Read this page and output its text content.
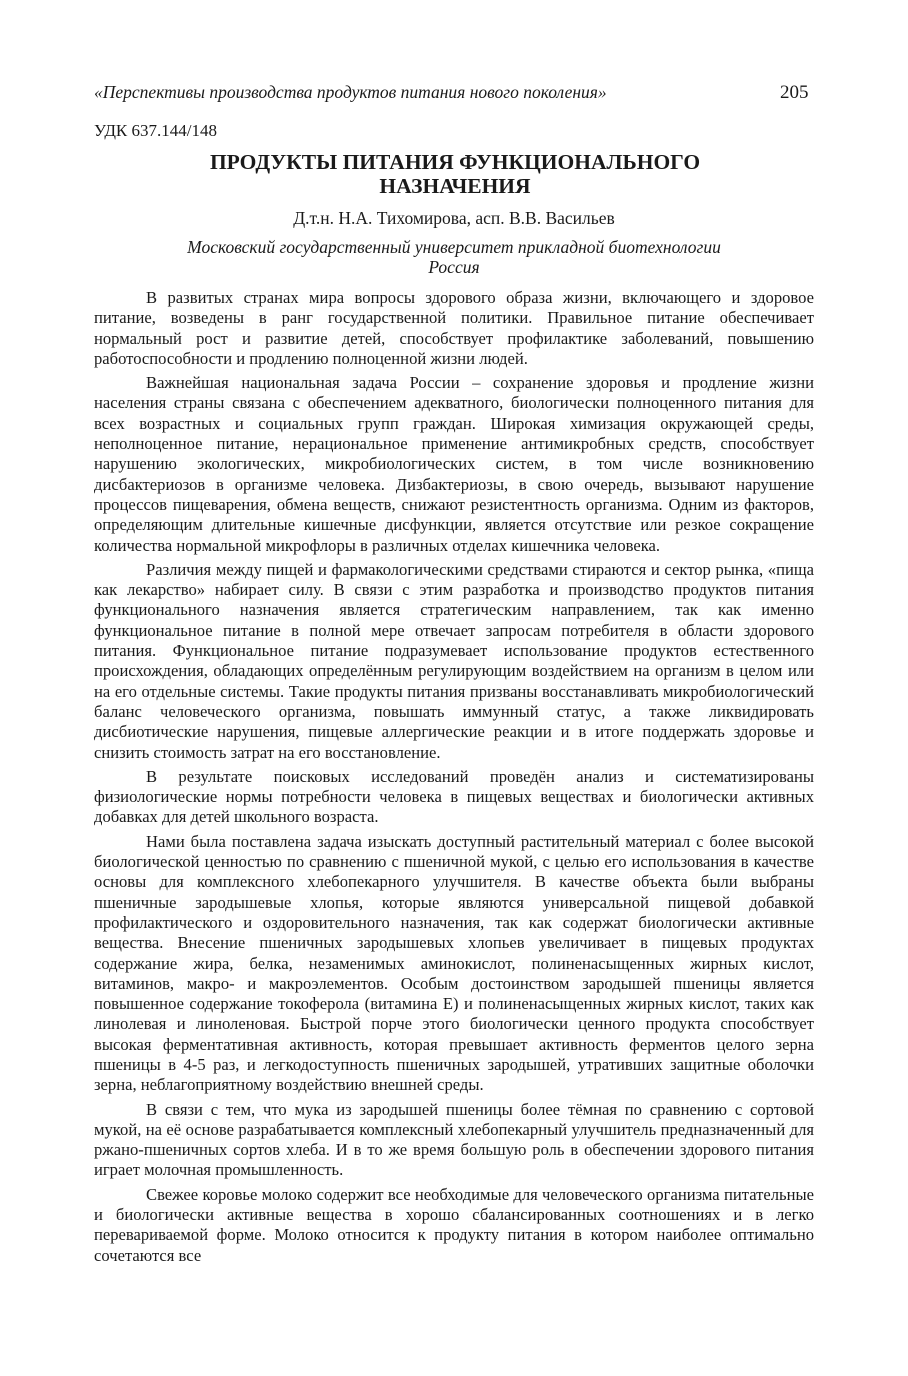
«Перспективы производства продуктов питания нового поколения»	205
УДК 637.144/148
ПРОДУКТЫ ПИТАНИЯ ФУНКЦИОНАЛЬНОГО
НАЗНАЧЕНИЯ
Д.т.н. Н.А. Тихомирова, асп. В.В. Васильев
Московский государственный университет прикладной биотехнологии
Россия

В развитых странах мира вопросы здорового образа жизни, включающего и здоровое питание, возведены в ранг государственной политики. Правильное питание обеспечивает нормальный рост и развитие детей, способствует профилактике заболеваний, повышению работоспособности и продлению полноценной жизни людей.

Важнейшая национальная задача России – сохранение здоровья и продление жизни населения страны связана с обеспечением адекватного, биологически полноценного питания для всех возрастных и социальных групп граждан. Широкая химизация окружающей среды, неполноценное питание, нерациональное применение антимикробных средств, способствует нарушению экологических, микробиологических систем, в том числе возникновению дисбактериозов в организме человека. Дизбактериозы, в свою очередь, вызывают нарушение процессов пищеварения, обмена веществ, снижают резистентность организма. Одним из факторов, определяющим длительные кишечные дисфункции, является отсутствие или резкое сокращение количества нормальной микрофлоры в различных отделах кишечника человека.

Различия между пищей и фармакологическими средствами стираются и сектор рынка, «пища как лекарство» набирает силу. В связи с этим разработка и производство продуктов питания функционального назначения является стратегическим направлением, так как именно функциональное питание в полной мере отвечает запросам потребителя в области здорового питания. Функциональное питание подразумевает использование продуктов естественного происхождения, обладающих определённым регулирующим воздействием на организм в целом или на его отдельные системы. Такие продукты питания призваны восстанавливать микробиологический баланс человеческого организма, повышать иммунный статус, а также ликвидировать дисбиотические нарушения, пищевые аллергические реакции и в итоге поддержать здоровье и снизить стоимость затрат на его восстановление.

В результате поисковых исследований проведён анализ и систематизированы физиологические нормы потребности человека в пищевых веществах и биологически активных добавках для детей школьного возраста.

Нами была поставлена задача изыскать доступный растительный материал с более высокой биологической ценностью по сравнению с пшеничной мукой, с целью его использования в качестве основы для комплексного хлебопекарного улучшителя. В качестве объекта были выбраны пшеничные зародышевые хлопья, которые являются универсальной пищевой добавкой профилактического и оздоровительного назначения, так как содержат биологически активные вещества. Внесение пшеничных зародышевых хлопьев увеличивает в пищевых продуктах содержание жира, белка, незаменимых аминокислот, полиненасыщенных жирных кислот, витаминов, макро- и макроэлементов. Особым достоинством зародышей пшеницы является повышенное содержание токоферола (витамина Е) и полиненасыщенных жирных кислот, таких как линолевая и линоленовая. Быстрой порче этого биологически ценного продукта способствует высокая ферментативная активность, которая превышает активность ферментов целого зерна пшеницы в 4-5 раз, и легкодоступность пшеничных зародышей, утративших защитные оболочки зерна, неблагоприятному воздействию внешней среды.

В связи с тем, что мука из зародышей пшеницы более тёмная по сравнению с сортовой мукой, на её основе разрабатывается комплексный хлебопекарный улучшитель предназначенный для ржано-пшеничных сортов хлеба. И в то же время большую роль в обеспечении здорового питания играет молочная промышленность.

Свежее коровье молоко содержит все необходимые для человеческого организма питательные и биологически активные вещества в хорошо сбалансированных соотношениях и в легко перевариваемой форме. Молоко относится к продукту питания в котором наиболее оптимально сочетаются все
